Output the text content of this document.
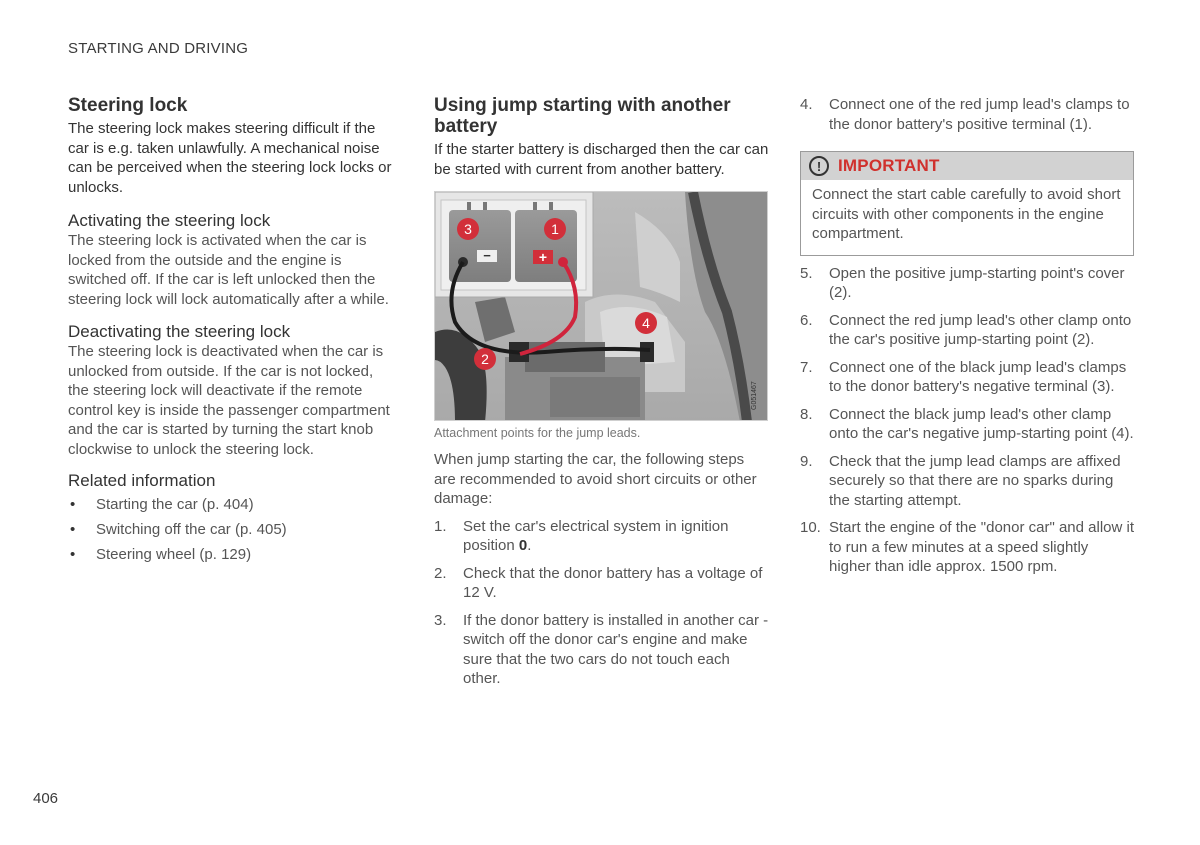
STARTING AND DRIVING
Steering lock

The steering lock makes steering difficult if the car is e.g. taken unlawfully. A mechanical noise can be perceived when the steering lock locks or unlocks.

Activating the steering lock

The steering lock is activated when the car is locked from the outside and the engine is switched off. If the car is left unlocked then the steering lock will lock automatically after a while.

Deactivating the steering lock

The steering lock is deactivated when the car is unlocked from outside. If the car is not locked, the steering lock will deactivate if the remote control key is inside the passenger compartment and the car is started by turning the start knob clockwise to unlock the steering lock.

Related information
• Starting the car (p. 404)
• Switching off the car (p. 405)
• Steering wheel (p. 129)
Using jump starting with another battery

If the starter battery is discharged then the car can be started with current from another battery.

−	+
3	1
4
2
G051467
Attachment points for the jump leads.

When jump starting the car, the following steps are recommended to avoid short circuits or other damage:

1. Set the car's electrical system in ignition position 0.
2. Check that the donor battery has a voltage of 12 V.
3. If the donor battery is installed in another car - switch off the donor car's engine and make sure that the two cars do not touch each other.
4. Connect one of the red jump lead's clamps to the donor battery's positive terminal (1).
! IMPORTANT
Connect the start cable carefully to avoid short circuits with other components in the engine compartment.
5. Open the positive jump-starting point's cover (2).
6. Connect the red jump lead's other clamp onto the car's positive jump-starting point (2).
7. Connect one of the black jump lead's clamps to the donor battery's negative terminal (3).
8. Connect the black jump lead's other clamp onto the car's negative jump-starting point (4).
9. Check that the jump lead clamps are affixed securely so that there are no sparks during the starting attempt.
10. Start the engine of the "donor car" and allow it to run a few minutes at a speed slightly higher than idle approx. 1500 rpm.
406
